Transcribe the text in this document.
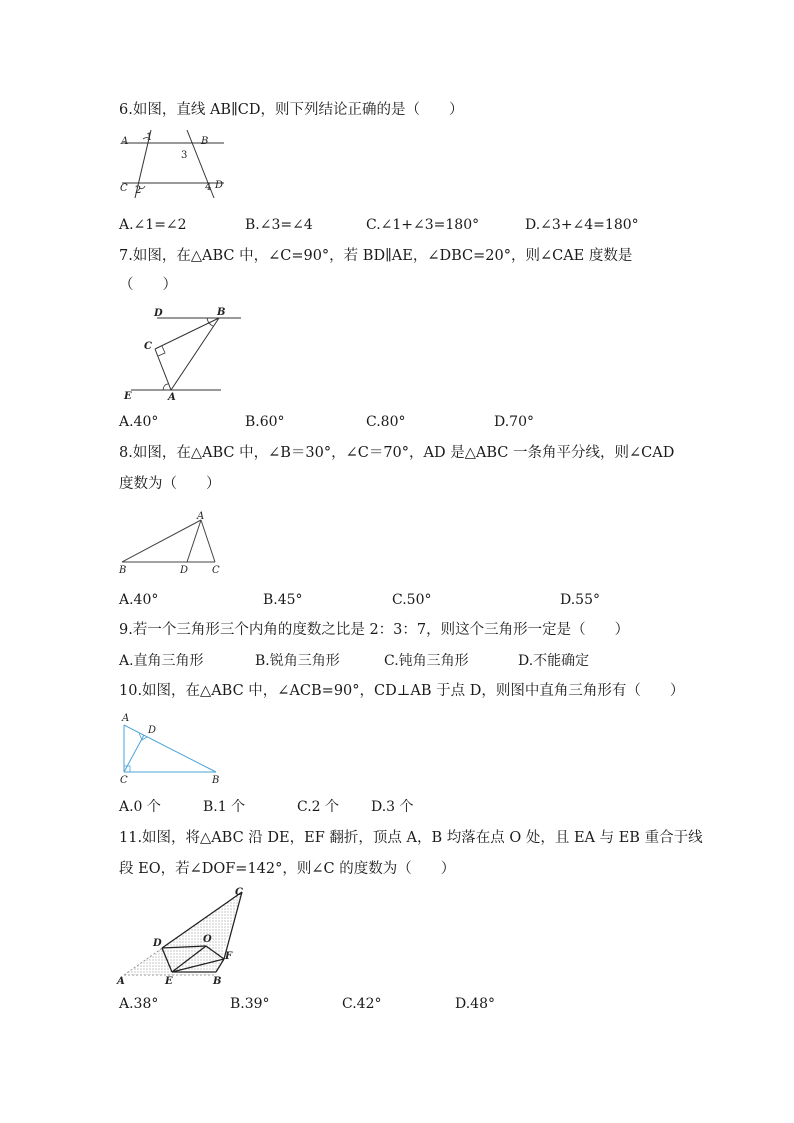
6.如图，直线 AB∥CD，则下列结论正确的是（　　）
A	B
C	D
1
2
3
4
A.∠1=∠2	B.∠3=∠4	C.∠1+∠3=180°	D.∠3+∠4=180°
7.如图，在△ABC 中，∠C=90°，若 BD∥AE，∠DBC=20°，则∠CAE 度数是
（　　）
D	B
C
E	A
A.40°	B.60°	C.80°	D.70°
8.如图，在△ABC 中，∠B＝30°，∠C＝70°，AD 是△ABC 一条角平分线，则∠CAD
度数为（　　）
A
B	D C
A.40°	B.45°	C.50°	D.55°
9.若一个三角形三个内角的度数之比是 2：3：7，则这个三角形一定是（　　）
A.直角三角形	B.锐角三角形	C.钝角三角形	D.不能确定
10.如图，在△ABC 中，∠ACB=90°，CD⊥AB 于点 D，则图中直角三角形有（　　）
A
D
C	B
A.0 个	B.1 个	C.2 个 D.3 个
11.如图，将△ABC 沿 DE，EF 翻折，顶点 A，B 均落在点 O 处，且 EA 与 EB 重合于线
段 EO，若∠DOF=142°，则∠C 的度数为（　　）
C
D	O
F
A	E	B
A.38°	B.39°	C.42°	D.48°
